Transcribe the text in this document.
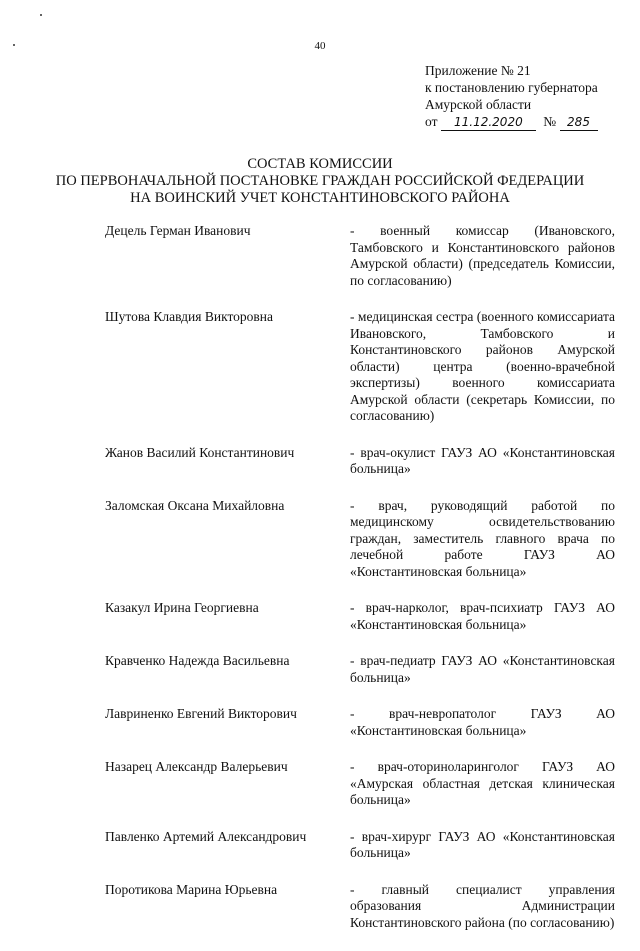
40
Приложение № 21
к постановлению губернатора
Амурской области
от 11.12.2020 № 285
СОСТАВ КОМИССИИ
ПО ПЕРВОНАЧАЛЬНОЙ ПОСТАНОВКЕ ГРАЖДАН РОССИЙСКОЙ ФЕДЕРАЦИИ
НА ВОИНСКИЙ УЧЕТ КОНСТАНТИНОВСКОГО РАЙОНА
Децель Герман Иванович	- военный комиссар (Ивановского, Тамбовского и Константиновского районов Амурской области) (председатель Комиссии, по согласованию)
Шутова Клавдия Викторовна	- медицинская сестра (военного комиссариата Ивановского, Тамбовского и Константиновского районов Амурской области) центра (военно-врачебной экспертизы) военного комиссариата Амурской области (секретарь Комиссии, по согласованию)
Жанов Василий Константинович	- врач-окулист ГАУЗ АО «Константиновская больница»
Заломская Оксана Михайловна	- врач, руководящий работой по медицинскому освидетельствованию граждан, заместитель главного врача по лечебной работе ГАУЗ АО «Константиновская больница»
Казакул Ирина Георгиевна	- врач-нарколог, врач-психиатр ГАУЗ АО «Константиновская больница»
Кравченко Надежда Васильевна	- врач-педиатр ГАУЗ АО «Константиновская больница»
Лавриненко Евгений Викторович	- врач-невропатолог ГАУЗ АО «Константиновская больница»
Назарец Александр Валерьевич	- врач-оториноларинголог ГАУЗ АО «Амурская областная детская клиническая больница»
Павленко Артемий Александрович	- врач-хирург ГАУЗ АО «Константиновская больница»
Поротикова Марина Юрьевна	- главный специалист управления образования Администрации Константиновского района (по согласованию)
